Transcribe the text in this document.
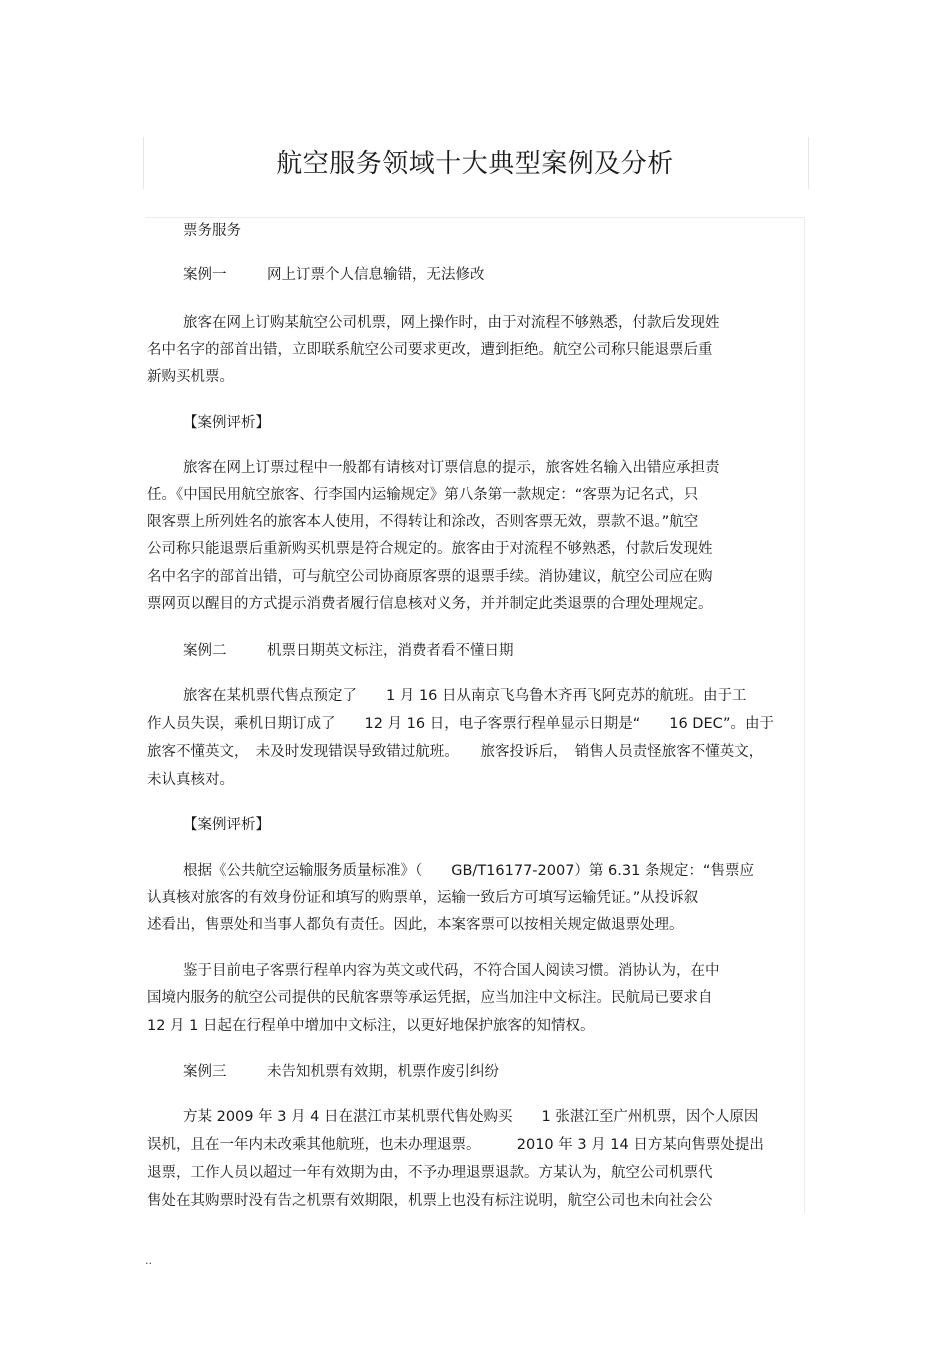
航空服务领域十大典型案例及分析
票务服务
案例一	网上订票个人信息输错，无法修改
旅客在网上订购某航空公司机票，网上操作时，由于对流程不够熟悉，付款后发现姓
名中名字的部首出错，立即联系航空公司要求更改，遭到拒绝。航空公司称只能退票后重
新购买机票。
【案例评析】
旅客在网上订票过程中一般都有请核对订票信息的提示，旅客姓名输入出错应承担责
任。《中国民用航空旅客、行李国内运输规定》第八条第一款规定：“客票为记名式，只
限客票上所列姓名的旅客本人使用，不得转让和涂改，否则客票无效，票款不退。”航空
公司称只能退票后重新购买机票是符合规定的。旅客由于对流程不够熟悉，付款后发现姓
名中名字的部首出错，可与航空公司协商原客票的退票手续。消协建议，航空公司应在购
票网页以醒目的方式提示消费者履行信息核对义务，并并制定此类退票的合理处理规定。
案例二	机票日期英文标注，消费者看不懂日期
旅客在某机票代售点预定了　　1 月 16 日从南京飞乌鲁木齐再飞阿克苏的航班。由于工
作人员失误，乘机日期订成了　　12 月 16 日，电子客票行程单显示日期是“　　16 DEC”。由于
旅客不懂英文，　未及时发现错误导致错过航班。　　旅客投诉后，　销售人员责怪旅客不懂英文，
未认真核对。
【案例评析】
根据《公共航空运输服务质量标准》（　　GB/T16177-2007）第 6.31 条规定：“售票应
认真核对旅客的有效身份证和填写的购票单，运输一致后方可填写运输凭证。”从投诉叙
述看出，售票处和当事人都负有责任。因此，本案客票可以按相关规定做退票处理。
鉴于目前电子客票行程单内容为英文或代码，不符合国人阅读习惯。消协认为，在中
国境内服务的航空公司提供的民航客票等承运凭据，应当加注中文标注。民航局已要求自
12 月 1 日起在行程单中增加中文标注，以更好地保护旅客的知情权。
案例三	未告知机票有效期，机票作废引纠纷
方某 2009 年 3 月 4 日在湛江市某机票代售处购买　　1 张湛江至广州机票，因个人原因
误机，且在一年内未改乘其他航班，也未办理退票。　　　2010 年 3 月 14 日方某向售票处提出
退票，工作人员以超过一年有效期为由，不予办理退票退款。方某认为，航空公司机票代
售处在其购票时没有告之机票有效期限，机票上也没有标注说明，航空公司也未向社会公
..
